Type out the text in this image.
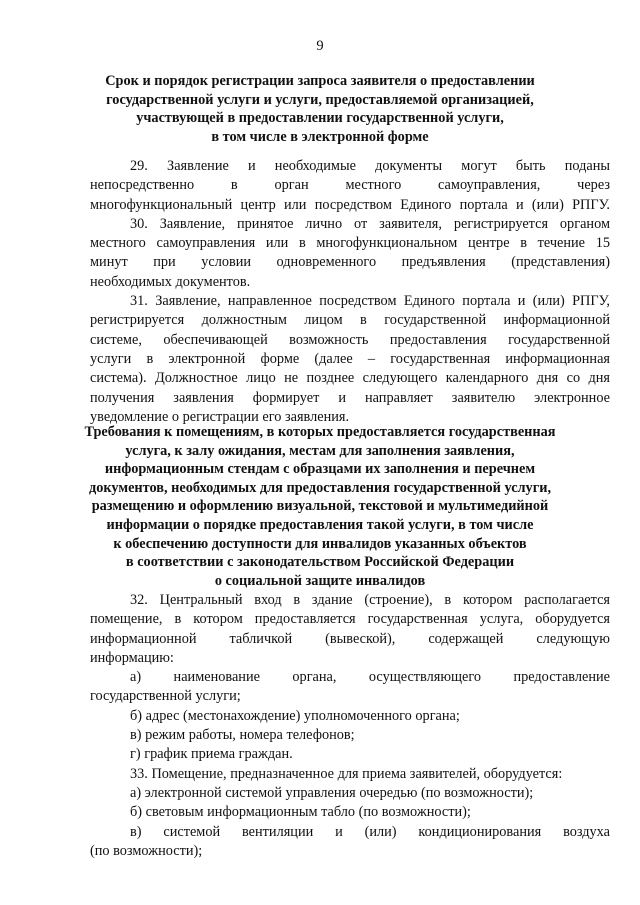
9
Срок и порядок регистрации запроса заявителя о предоставлении
государственной услуги и услуги, предоставляемой организацией,
участвующей в предоставлении государственной услуги,
в том числе в электронной форме
29. Заявление и необходимые документы могут быть поданы
непосредственно в орган местного самоуправления, через
многофункциональный центр или посредством Единого портала и (или) РПГУ.
30. Заявление, принятое лично от заявителя, регистрируется органом
местного самоуправления или в многофункциональном центре в течение 15
минут при условии одновременного предъявления (представления)
необходимых документов.
31. Заявление, направленное посредством Единого портала и (или) РПГУ,
регистрируется должностным лицом в государственной информационной
системе, обеспечивающей возможность предоставления государственной
услуги в электронной форме (далее – государственная информационная
система). Должностное лицо не позднее следующего календарного дня со дня
получения заявления формирует и направляет заявителю электронное
уведомление о регистрации его заявления.
Требования к помещениям, в которых предоставляется государственная
услуга, к залу ожидания, местам для заполнения заявления,
информационным стендам с образцами их заполнения и перечнем
документов, необходимых для предоставления государственной услуги,
размещению и оформлению визуальной, текстовой и мультимедийной
информации о порядке предоставления такой услуги, в том числе
к обеспечению доступности для инвалидов указанных объектов
в соответствии с законодательством Российской Федерации
о социальной защите инвалидов
32. Центральный вход в здание (строение), в котором располагается
помещение, в котором предоставляется государственная услуга, оборудуется
информационной табличкой (вывеской), содержащей следующую
информацию:
а) наименование органа, осуществляющего предоставление
государственной услуги;
б) адрес (местонахождение) уполномоченного органа;
в) режим работы, номера телефонов;
г) график приема граждан.
33. Помещение, предназначенное для приема заявителей, оборудуется:
а) электронной системой управления очередью (по возможности);
б) световым информационным табло (по возможности);
в) системой вентиляции и (или) кондиционирования воздуха
(по возможности);
